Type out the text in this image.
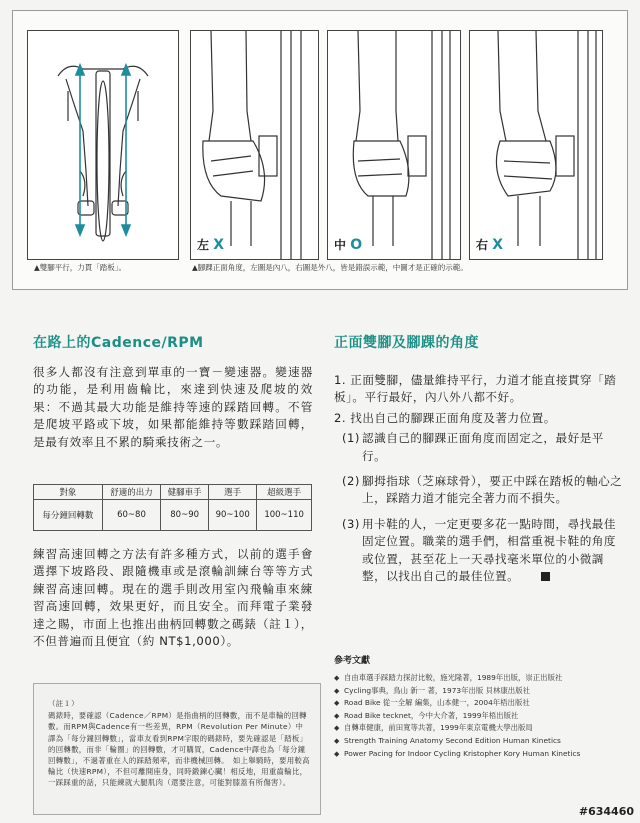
左 X	中 O	右 X
▲雙腳平行，力貫「踏板」。	▲腳踝正面角度，左圖是內八，右圖是外八，皆是錯誤示範，中圖才是正確的示範。
在路上的Cadence/RPM
很多人都沒有注意到單車的一寶－變速器。變速器的功能，是利用齒輪比，來達到快速及爬坡的效果：不過其最大功能是維持等速的踩踏回轉。不管是爬坡平路或下坡，如果都能維持等數踩踏回轉，是最有效率且不累的騎乘技術之一。
對象	舒適的出力	健腳車手	選手	超級選手
每分鐘回轉數	60~80	80~90	90~100	100~110
練習高速回轉之方法有許多種方式，以前的選手會選擇下坡路段、跟隨機車或是滾輪訓練台等等方式練習高速回轉。現在的選手則改用室內飛輪車來練習高速回轉，效果更好，而且安全。而拜電子業發達之賜，市面上也推出曲柄回轉數之碼錶（註１），不但普遍而且便宜（約 NT$1,000）。
（註１）
碼錶時，要確認（Cadence／RPM）是指曲柄的回轉數，而不是車輪的回轉數。而RPM與Cadence有一些差異，RPM（Revolution Per Minute）中譯為「每分鐘回轉數」，當車友看到RPM字眼的碼錶時，要先確認是「踏板」的回轉數，而非「輪圈」的回轉數，才可購買，Cadence中譯也為「每分鐘回轉數」，不過著重在人的踩踏頻率，而非機械回轉。　如上舉騎時，要用較高輪比（快速RPM），不但可離開座身，同時鍛鍊心臟！相反地，用重齒輪比，一踩踩重的話，只能練就大腿肌肉（還要注意，可能對膝蓋有所傷害）。
正面雙腳及腳踝的角度
1. 正面雙腳，儘量維持平行，力道才能直接貫穿「踏板」。平行最好，內八外八都不好。
2. 找出自己的腳踝正面角度及著力位置。
(1) 認識自己的腳踝正面角度而固定之，最好是平行。
(2) 腳拇指球（芝麻球骨），要正中踩在踏板的軸心之上，踩踏力道才能完全著力而不損失。
(3) 用卡鞋的人，一定更要多花一點時間，尋找最佳固定位置。職業的選手們，相當重視卡鞋的角度或位置，甚至花上一天尋找毫米單位的小微調整，以找出自己的最佳位置。
參考文獻
◆ 自由車選手踩踏力探討比較，施光隆著，1989年出版，崇正出版社
◆ Cycling事典，鳥山 新一 著，1973年出版 貝林康出版社
◆ Road Bike 從一全解 編集，山本健一，2004年梧出版社
◆ Road Bike tecknet，今中大介著，1999年梧出版社
◆ 自轉車健康，前田寬等共著，1999年東京電機大學出版局
◆ Strength Training Anatomy Second Edition Human Kinetics
◆ Power Pacing for Indoor Cycling Kristopher Kory Human Kinetics
#634460
